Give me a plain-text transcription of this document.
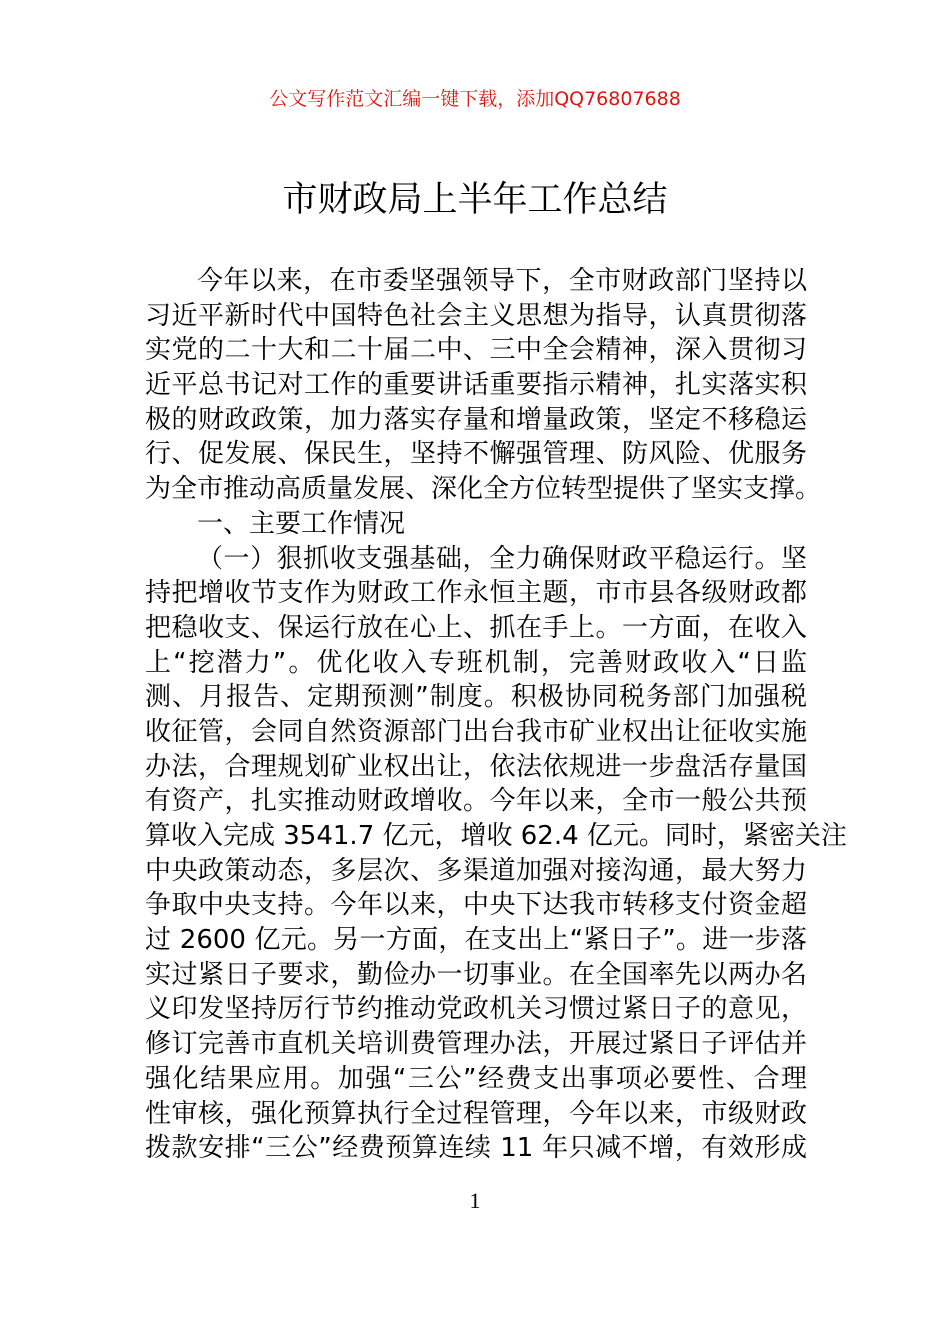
公文写作范文汇编一键下载，添加QQ76807688
市财政局上半年工作总结
今年以来，在市委坚强领导下，全市财政部门坚持以
习近平新时代中国特色社会主义思想为指导，认真贯彻落
实党的二十大和二十届二中、三中全会精神，深入贯彻习
近平总书记对工作的重要讲话重要指示精神，扎实落实积
极的财政政策，加力落实存量和增量政策，坚定不移稳运
行、促发展、保民生，坚持不懈强管理、防风险、优服务
为全市推动高质量发展、深化全方位转型提供了坚实支撑。
一、主要工作情况
（一）狠抓收支强基础，全力确保财政平稳运行。坚
持把增收节支作为财政工作永恒主题，市市县各级财政都
把稳收支、保运行放在心上、抓在手上。一方面，在收入
上“挖潜力”。优化收入专班机制，完善财政收入“日监
测、月报告、定期预测”制度。积极协同税务部门加强税
收征管，会同自然资源部门出台我市矿业权出让征收实施
办法，合理规划矿业权出让，依法依规进一步盘活存量国
有资产，扎实推动财政增收。今年以来，全市一般公共预
算收入完成 3541.7 亿元，增收 62.4 亿元。同时，紧密关注
中央政策动态，多层次、多渠道加强对接沟通，最大努力
争取中央支持。今年以来，中央下达我市转移支付资金超
过 2600 亿元。另一方面，在支出上“紧日子”。进一步落
实过紧日子要求，勤俭办一切事业。在全国率先以两办名
义印发坚持厉行节约推动党政机关习惯过紧日子的意见，
修订完善市直机关培训费管理办法，开展过紧日子评估并
强化结果应用。加强“三公”经费支出事项必要性、合理
性审核，强化预算执行全过程管理，今年以来，市级财政
拨款安排“三公”经费预算连续 11 年只减不增，有效形成
1
